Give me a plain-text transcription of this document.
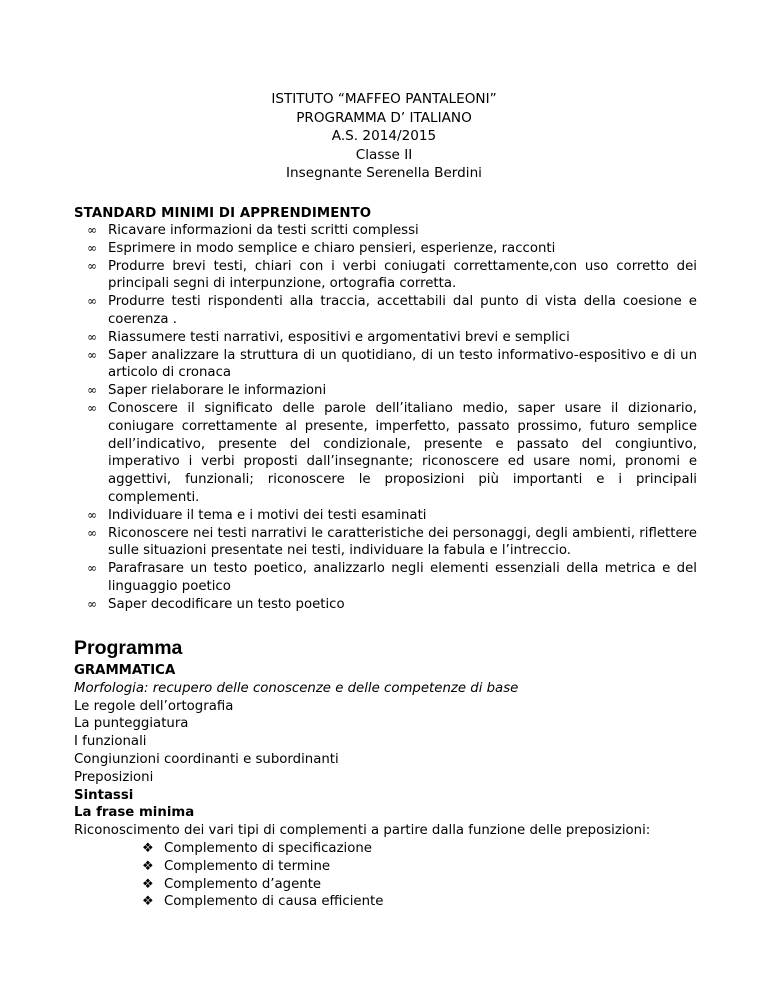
ISTITUTO “MAFFEO PANTALEONI”
PROGRAMMA D’ ITALIANO
A.S. 2014/2015
Classe II
Insegnante Serenella Berdini
STANDARD MINIMI DI APPRENDIMENTO
∞ Ricavare informazioni da testi scritti complessi
∞ Esprimere in modo semplice e chiaro pensieri, esperienze, racconti
∞ Produrre brevi testi, chiari con i verbi coniugati correttamente,con uso corretto dei principali segni di interpunzione, ortografia corretta.
∞ Produrre testi rispondenti alla traccia, accettabili dal punto di vista della coesione e coerenza .
∞ Riassumere testi narrativi, espositivi e argomentativi brevi e semplici
∞ Saper analizzare la struttura di un quotidiano, di un testo informativo-espositivo e di un articolo di cronaca
∞ Saper rielaborare le informazioni
∞ Conoscere il significato delle parole dell’italiano medio, saper usare il dizionario, coniugare correttamente al presente, imperfetto, passato prossimo, futuro semplice dell’indicativo, presente del condizionale, presente e passato del congiuntivo, imperativo i verbi proposti dall’insegnante; riconoscere ed usare nomi, pronomi e aggettivi, funzionali; riconoscere le proposizioni più importanti e i principali complementi.
∞ Individuare il tema e i motivi dei testi esaminati
∞ Riconoscere nei testi narrativi le caratteristiche dei personaggi, degli ambienti, riflettere sulle situazioni presentate nei testi, individuare la fabula e l’intreccio.
∞ Parafrasare un testo poetico, analizzarlo negli elementi essenziali della metrica e del linguaggio poetico
∞ Saper decodificare un testo poetico
Programma
GRAMMATICA
Morfologia: recupero delle conoscenze e delle competenze di base
Le regole dell’ortografia
La punteggiatura
I funzionali
Congiunzioni coordinanti e subordinanti
Preposizioni
Sintassi
La frase minima
Riconoscimento dei vari tipi di complementi a partire dalla funzione delle preposizioni:
❖ Complemento di specificazione
❖ Complemento di termine
❖ Complemento d’agente
❖ Complemento di causa efficiente
